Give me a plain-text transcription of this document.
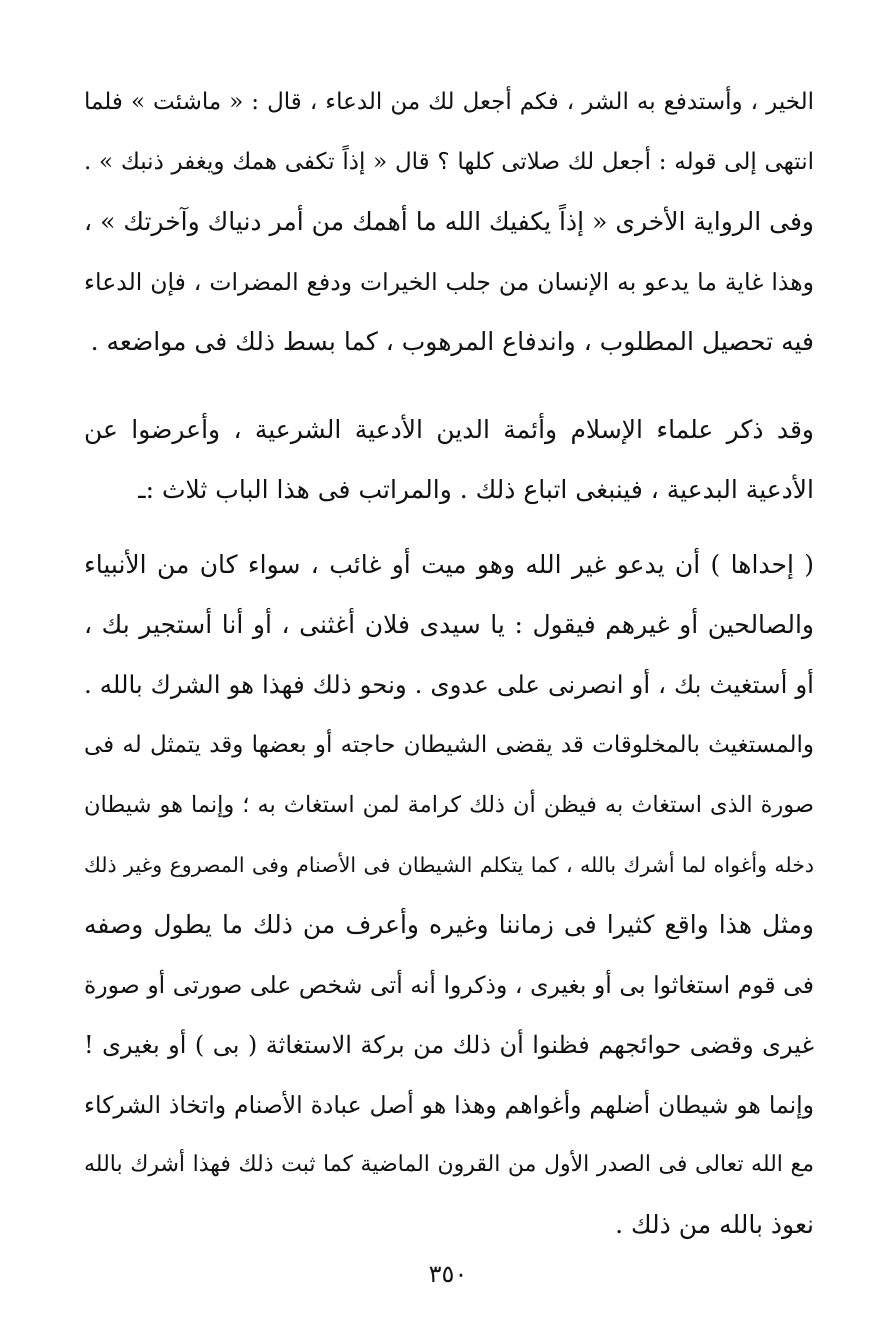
الخير ، وأستدفع به الشر ، فكم أجعل لك من الدعاء ، قال : « ماشئت » فلما
انتهى إلى قوله : أجعل لك صلاتى كلها ؟ قال « إذاً تكفى همك ويغفر ذنبك » .
وفى الرواية الأخرى « إذاً يكفيك الله ما أهمك من أمر دنياك وآخرتك » ،
وهذا غاية ما يدعو به الإنسان من جلب الخيرات ودفع المضرات ، فإن الدعاء
فيه تحصيل المطلوب ، واندفاع المرهوب ، كما بسط ذلك فى مواضعه .
وقد ذكر علماء الإسلام وأئمة الدين الأدعية الشرعية ، وأعرضوا عن
الأدعية البدعية ، فينبغى اتباع ذلك . والمراتب فى هذا الباب ثلاث :ـ
( إحداها ) أن يدعو غير الله وهو ميت أو غائب ، سواء كان من الأنبياء
والصالحين أو غيرهم فيقول : يا سيدى فلان أغثنى ، أو أنا أستجير بك ،
أو أستغيث بك ، أو انصرنى على عدوى . ونحو ذلك فهذا هو الشرك بالله .
والمستغيث بالمخلوقات قد يقضى الشيطان حاجته أو بعضها وقد يتمثل له فى
صورة الذى استغاث به فيظن أن ذلك كرامة لمن استغاث به ؛ وإنما هو شيطان
دخله وأغواه لما أشرك بالله ، كما يتكلم الشيطان فى الأصنام وفى المصروع وغير ذلك
ومثل هذا واقع كثيرا فى زماننا وغيره وأعرف من ذلك ما يطول وصفه
فى قوم استغاثوا بى أو بغيرى ، وذكروا أنه أتى شخص على صورتى أو صورة
غيرى وقضى حوائجهم فظنوا أن ذلك من بركة الاستغاثة ( بى ) أو بغيرى !
وإنما هو شيطان أضلهم وأغواهم وهذا هو أصل عبادة الأصنام واتخاذ الشركاء
مع الله تعالى فى الصدر الأول من القرون الماضية كما ثبت ذلك فهذا أشرك بالله
نعوذ بالله من ذلك .
٣٥٠
